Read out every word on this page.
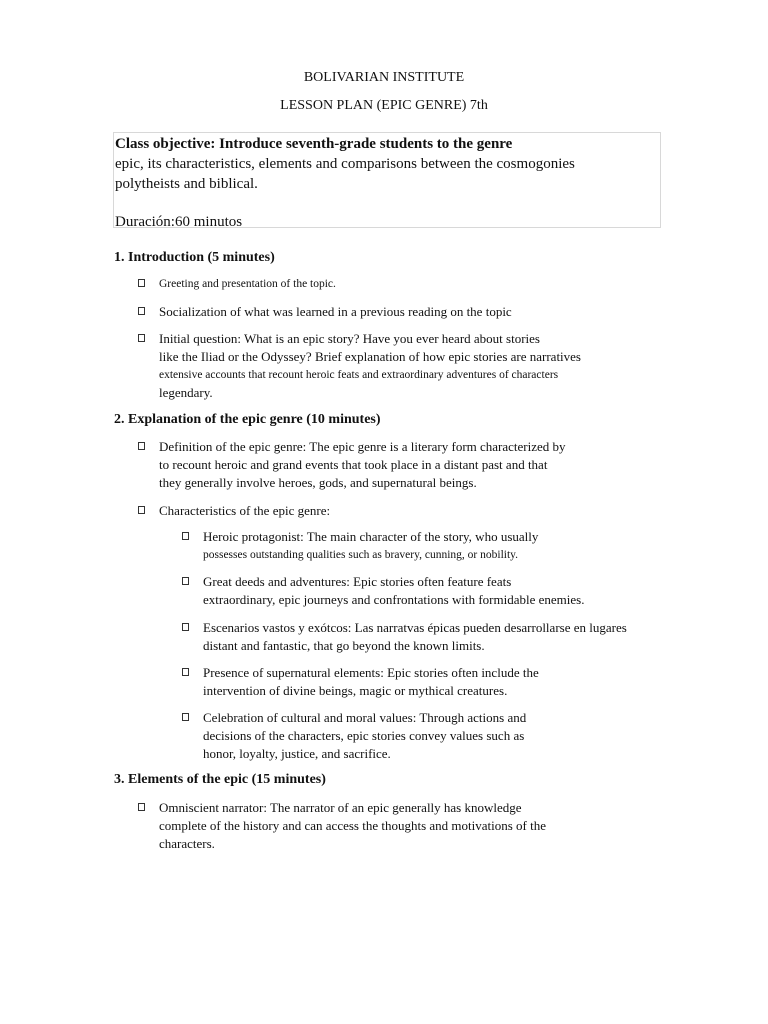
BOLIVARIAN INSTITUTE
LESSON PLAN (EPIC GENRE) 7th
Class objective: Introduce seventh-grade students to the genre
epic, its characteristics, elements and comparisons between the cosmogonies
polytheists and biblical.
Duración:60 minutos
1. Introduction (5 minutes)
Greeting and presentation of the topic.
Socialization of what was learned in a previous reading on the topic
Initial question: What is an epic story? Have you ever heard about stories
like the Iliad or the Odyssey? Brief explanation of how epic stories are narratives
extensive accounts that recount heroic feats and extraordinary adventures of characters
legendary.
2. Explanation of the epic genre (10 minutes)
Definition of the epic genre: The epic genre is a literary form characterized by
to recount heroic and grand events that took place in a distant past and that
they generally involve heroes, gods, and supernatural beings.
Characteristics of the epic genre:
Heroic protagonist: The main character of the story, who usually
possesses outstanding qualities such as bravery, cunning, or nobility.
Great deeds and adventures: Epic stories often feature feats
extraordinary, epic journeys and confrontations with formidable enemies.
Escenarios vastos y exótcos: Las narratvas épicas pueden desarrollarse en lugares
distant and fantastic, that go beyond the known limits.
Presence of supernatural elements: Epic stories often include the
intervention of divine beings, magic or mythical creatures.
Celebration of cultural and moral values: Through actions and
decisions of the characters, epic stories convey values such as
honor, loyalty, justice, and sacrifice.
3. Elements of the epic (15 minutes)
Omniscient narrator: The narrator of an epic generally has knowledge
complete of the history and can access the thoughts and motivations of the
characters.
